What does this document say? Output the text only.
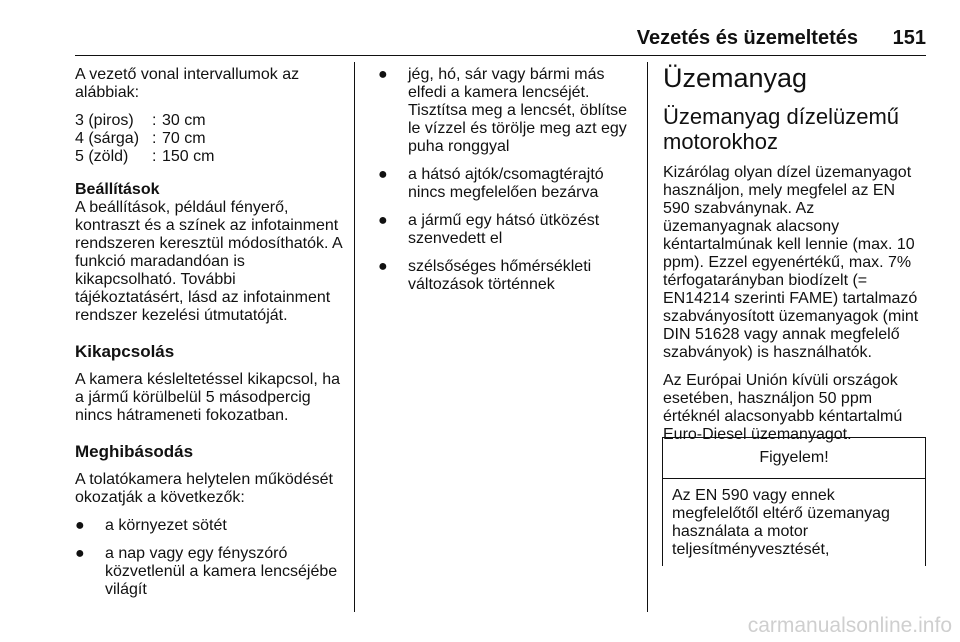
Vezetés és üzemeltetés 151

A vezető vonal intervallumok az alábbiak:

3 (piros)	: 30 cm
4 (sárga) : 70 cm
5 (zöld)	: 150 cm

Beállítások

A beállítások, például fényerő, kontraszt és a színek az infotainment rendszeren keresztül módosíthatók. A funkció maradandóan is kikapcsolható. További tájékoztatásért, lásd az infotainment rendszer kezelési útmutatóját.

Kikapcsolás

A kamera késleltetéssel kikapcsol, ha a jármű körülbelül 5 másodpercig nincs hátrameneti fokozatban.

Meghibásodás

A tolatókamera helytelen működését okozatják a következők:

●	a környezet sötét
●	a nap vagy egy fényszóró közvetlenül a kamera lencséjébe világít
●	jég, hó, sár vagy bármi más elfedi a kamera lencséjét. Tisztítsa meg a lencsét, öblítse le vízzel és törölje meg azt egy puha ronggyal
●	a hátsó ajtók/csomagtérajtó nincs megfelelően bezárva
●	a jármű egy hátsó ütközést szenvedett el
●	szélsőséges hőmérsékleti változások történnek
Üzemanyag
Üzemanyag dízelüzemű motorokhoz

Kizárólag olyan dízel üzemanyagot használjon, mely megfelel az EN 590 szabványnak. Az üzemanyagnak alacsony kéntartalmúnak kell lennie (max. 10 ppm). Ezzel egyenértékű, max. 7% térfogatarányban biodízelt (= EN14214 szerinti FAME) tartalmazó szabványosított üzemanyagok (mint DIN 51628 vagy annak megfelelő szabványok) is használhatók.

Az Európai Unión kívüli országok esetében, használjon 50 ppm értéknél alacsonyabb kéntartalmú Euro-Diesel üzemanyagot.

Figyelem!
Az EN 590 vagy ennek megfelelőtől eltérő üzemanyag használata a motor teljesítményvesztését,
carmanualsonline.info
